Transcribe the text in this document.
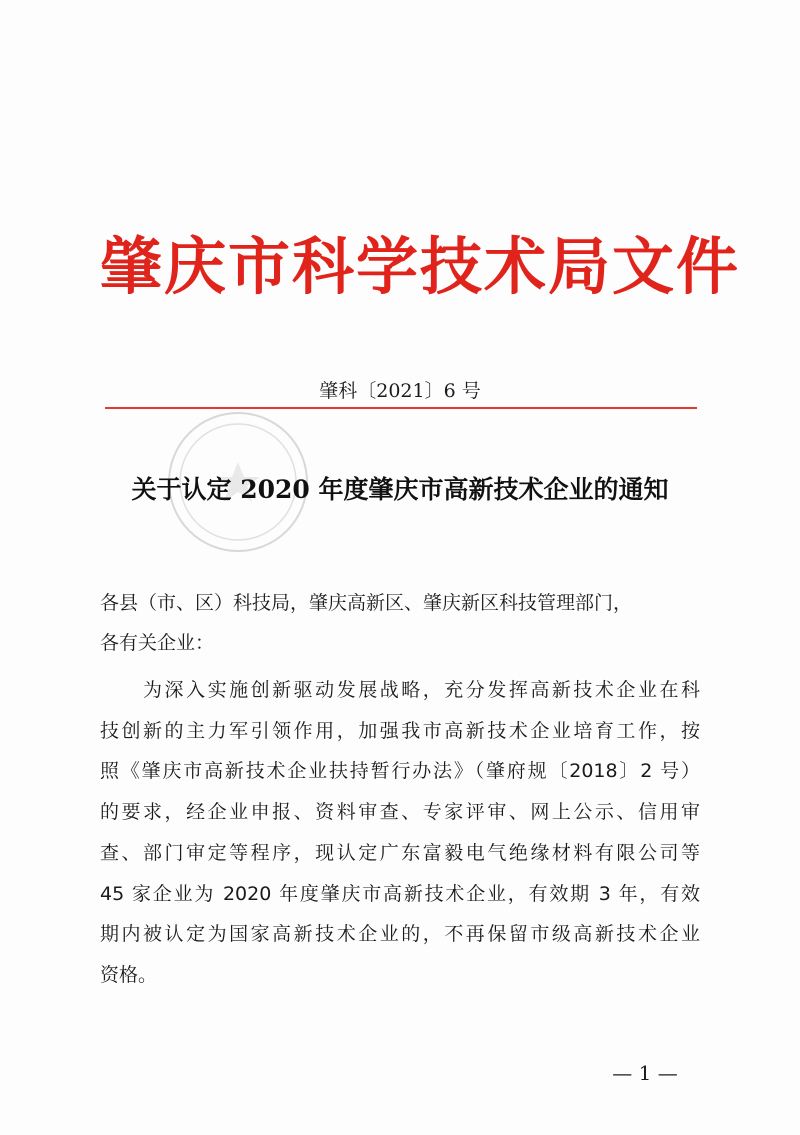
肇庆市科学技术局文件
肇科〔2021〕6 号
关于认定 2020 年度肇庆市高新技术企业的通知
各县（市、区）科技局，肇庆高新区、肇庆新区科技管理部门，
各有关企业：
　　为深入实施创新驱动发展战略，充分发挥高新技术企业在科
技创新的主力军引领作用，加强我市高新技术企业培育工作，按
照《肇庆市高新技术企业扶持暂行办法》（肇府规〔2018〕2 号）
的要求，经企业申报、资料审查、专家评审、网上公示、信用审
查、部门审定等程序，现认定广东富毅电气绝缘材料有限公司等
45 家企业为 2020 年度肇庆市高新技术企业，有效期 3 年，有效
期内被认定为国家高新技术企业的，不再保留市级高新技术企业
资格。
— 1 —
